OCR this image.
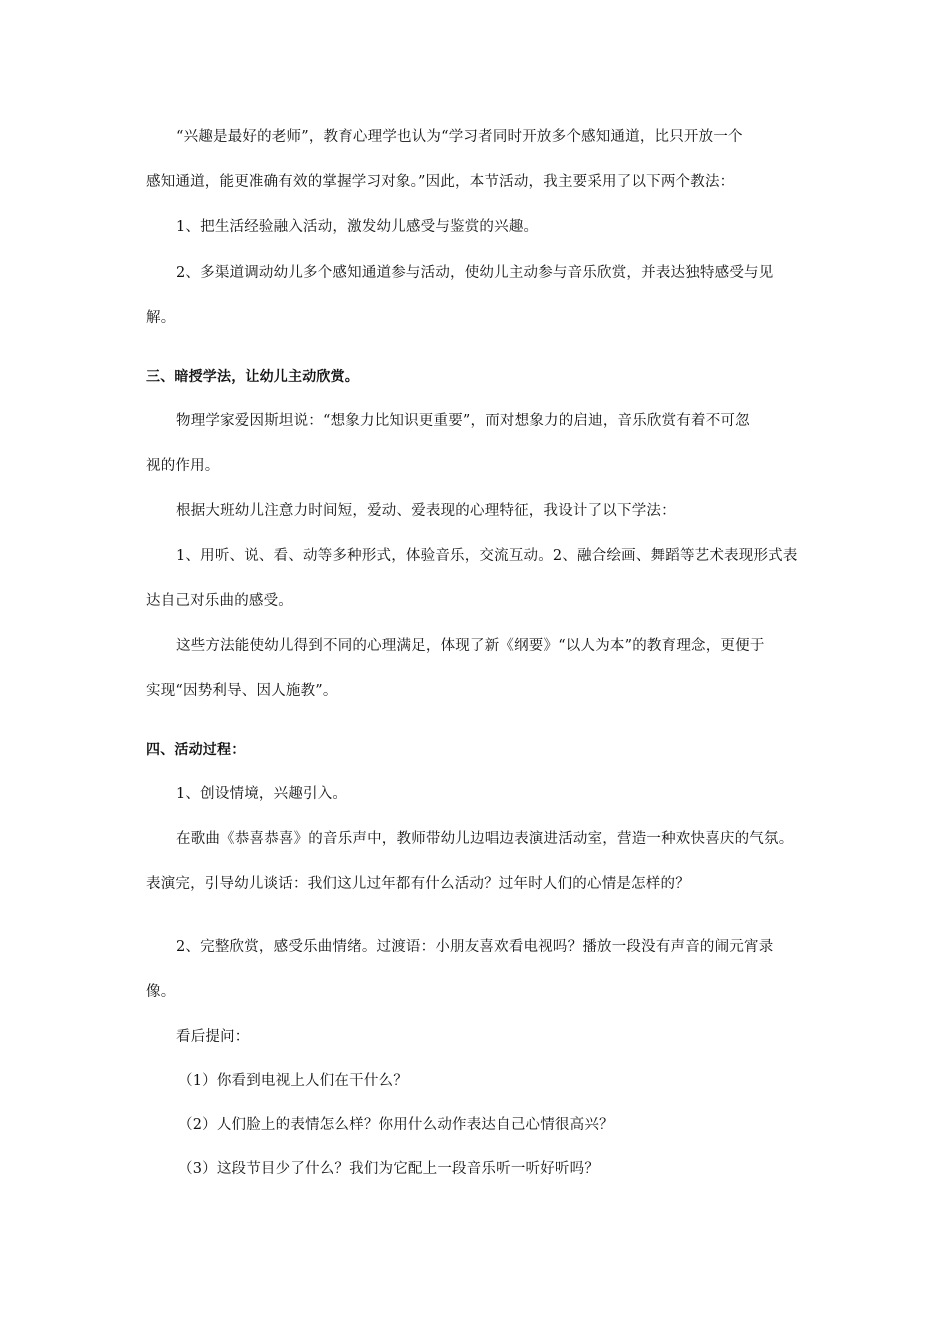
“兴趣是最好的老师”，教育心理学也认为“学习者同时开放多个感知通道，比只开放一个
感知通道，能更准确有效的掌握学习对象。”因此，本节活动，我主要采用了以下两个教法：
1、把生活经验融入活动，激发幼儿感受与鉴赏的兴趣。
2、多渠道调动幼儿多个感知通道参与活动，使幼儿主动参与音乐欣赏，并表达独特感受与见
解。
三、暗授学法，让幼儿主动欣赏。
物理学家爱因斯坦说：“想象力比知识更重要”，而对想象力的启迪，音乐欣赏有着不可忽
视的作用。
根据大班幼儿注意力时间短，爱动、爱表现的心理特征，我设计了以下学法：
1、用听、说、看、动等多种形式，体验音乐，交流互动。2、融合绘画、舞蹈等艺术表现形式表
达自己对乐曲的感受。
这些方法能使幼儿得到不同的心理满足，体现了新《纲要》“以人为本”的教育理念，更便于
实现“因势利导、因人施教”。
四、活动过程：
1、创设情境，兴趣引入。
在歌曲《恭喜恭喜》的音乐声中，教师带幼儿边唱边表演进活动室，营造一种欢快喜庆的气氛。
表演完，引导幼儿谈话：我们这儿过年都有什么活动？过年时人们的心情是怎样的？
2、完整欣赏，感受乐曲情绪。过渡语：小朋友喜欢看电视吗？播放一段没有声音的闹元宵录
像。
看后提问：
（1）你看到电视上人们在干什么？
（2）人们脸上的表情怎么样？你用什么动作表达自己心情很高兴？
（3）这段节目少了什么？我们为它配上一段音乐听一听好听吗？
